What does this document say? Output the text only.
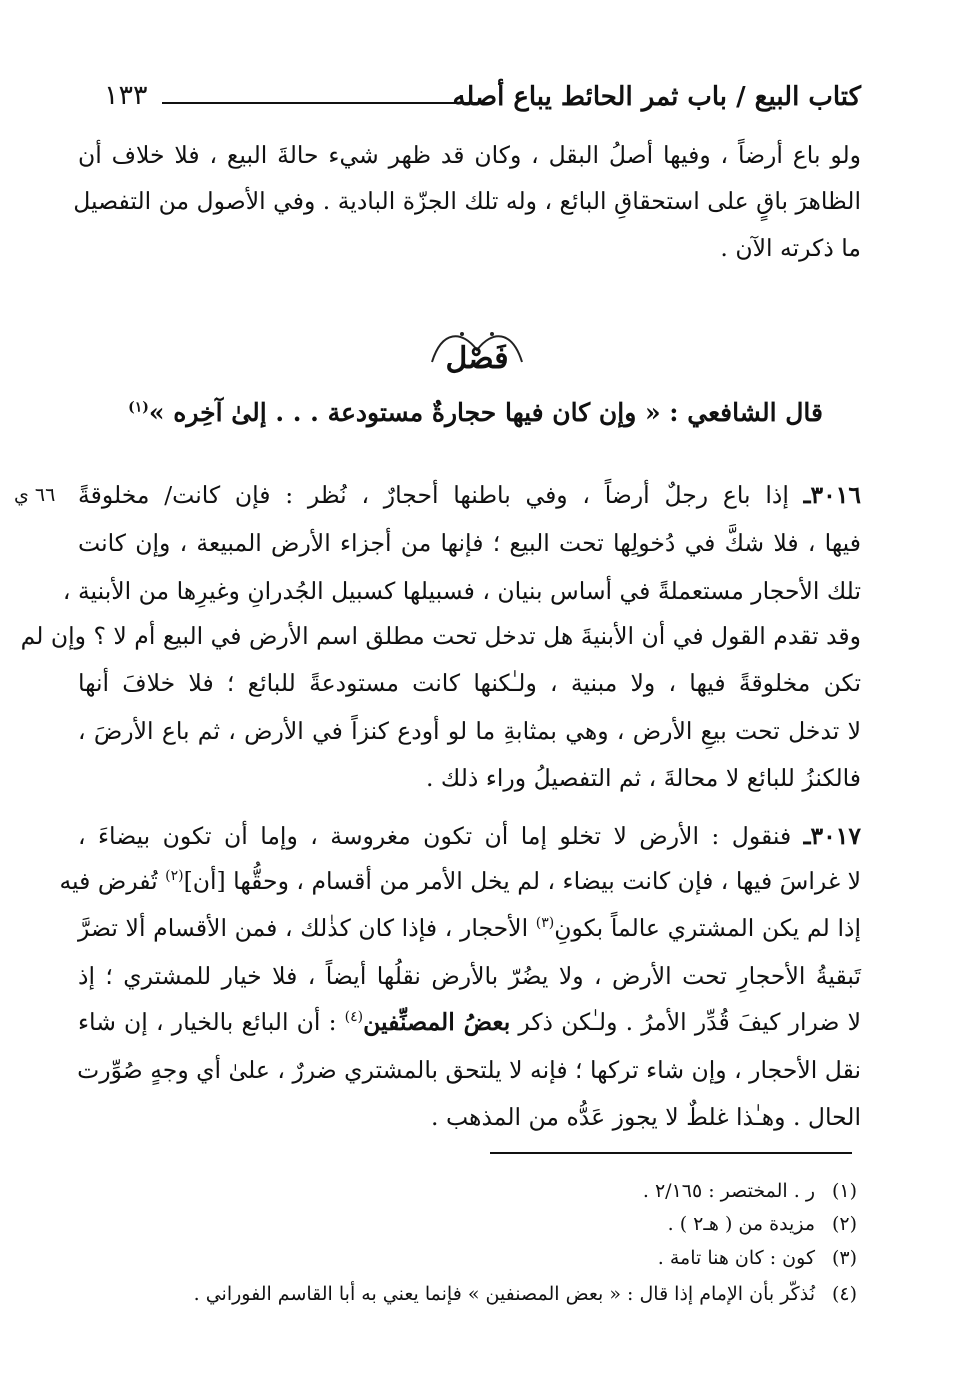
كتاب البيع / باب ثمر الحائط يباع أصله
١٣٣
ولو باع أرضاً ، وفيها أصلُ البقل ، وكان قد ظهر شيء حالةَ البيع ، فلا خلاف أن
الظاهرَ باقٍ على استحقاقِ البائع ، وله تلك الجزّة البادية . وفي الأصول من التفصيل
ما ذكرته الآن .
فَصْل
قال الشافعي : « وإن كان فيها حجارةٌ مستودعة . . . إلىٰ آخِره »$^{(١)}$
٣٠١٦ـ إذا باع رجلٌ أرضاً ، وفي باطنها أحجارٌ ، نُظر : فإن كانت/ مخلوقةً
٦٦ ي
فيها ، فلا شكَّ في دُخولِها تحت البيع ؛ فإنها من أجزاء الأرض المبيعة ، وإن كانت
تلك الأحجار مستعملةً في أساس بنيان ، فسبيلها كسبيل الجُدرانِ وغيرِها من الأبنية ،
وقد تقدم القول في أن الأبنيةَ هل تدخل تحت مطلق اسم الأرض في البيع أم لا ؟ وإن لم
تكن مخلوقةً فيها ، ولا مبنية ، ولـٰكنها كانت مستودعةً للبائع ؛ فلا خلافَ أنها
لا تدخل تحت بيعِ الأرض ، وهي بمثابةِ ما لو أودع كنزاً في الأرض ، ثم باع الأرضَ ،
فالكنزُ للبائع لا محالةَ ، ثم التفصيلُ وراء ذلك .
٣٠١٧ـ فنقول : الأرض لا تخلو إما أن تكون مغروسة ، وإما أن تكون بيضاءَ ،
لا غراسَ فيها ، فإن كانت بيضاء ، لم يخل الأمر من أقسام ، وحقُّها [أن]$^{(٢)}$ تُفرض فيه
إذا لم يكن المشتري عالماً بكونِ$^{(٣)}$ الأحجار ، فإذا كان كذٰلك ، فمن الأقسام ألا تضرَّ
تَبقيةُ الأحجارِ تحت الأرض ، ولا يضُرّ بالأرض نقلُها أيضاً ، فلا خيار للمشتري ؛ إذ
لا ضرار كيفَ قُدِّر الأمرُ . ولـٰكن ذكر بعضُ المصنِّفين$^{(٤)}$ : أن البائع بالخيار ، إن شاء
نقل الأحجار ، وإن شاء تركها ؛ فإنه لا يلتحق بالمشتري ضررٌ ، علىٰ أي وجهٍ صُوِّرت
الحال . وهـٰذا غلطٌ لا يجوز عَدُّه من المذهب .
(١)ر . المختصر : ٢/١٦٥ .
(٢)مزيدة من ( هـ٢ ) .
(٣)كون : كان هنا تامة .
(٤)نُذكّر بأن الإمام إذا قال : « بعض المصنفين » فإنما يعني به أبا القاسم الفوراني .
